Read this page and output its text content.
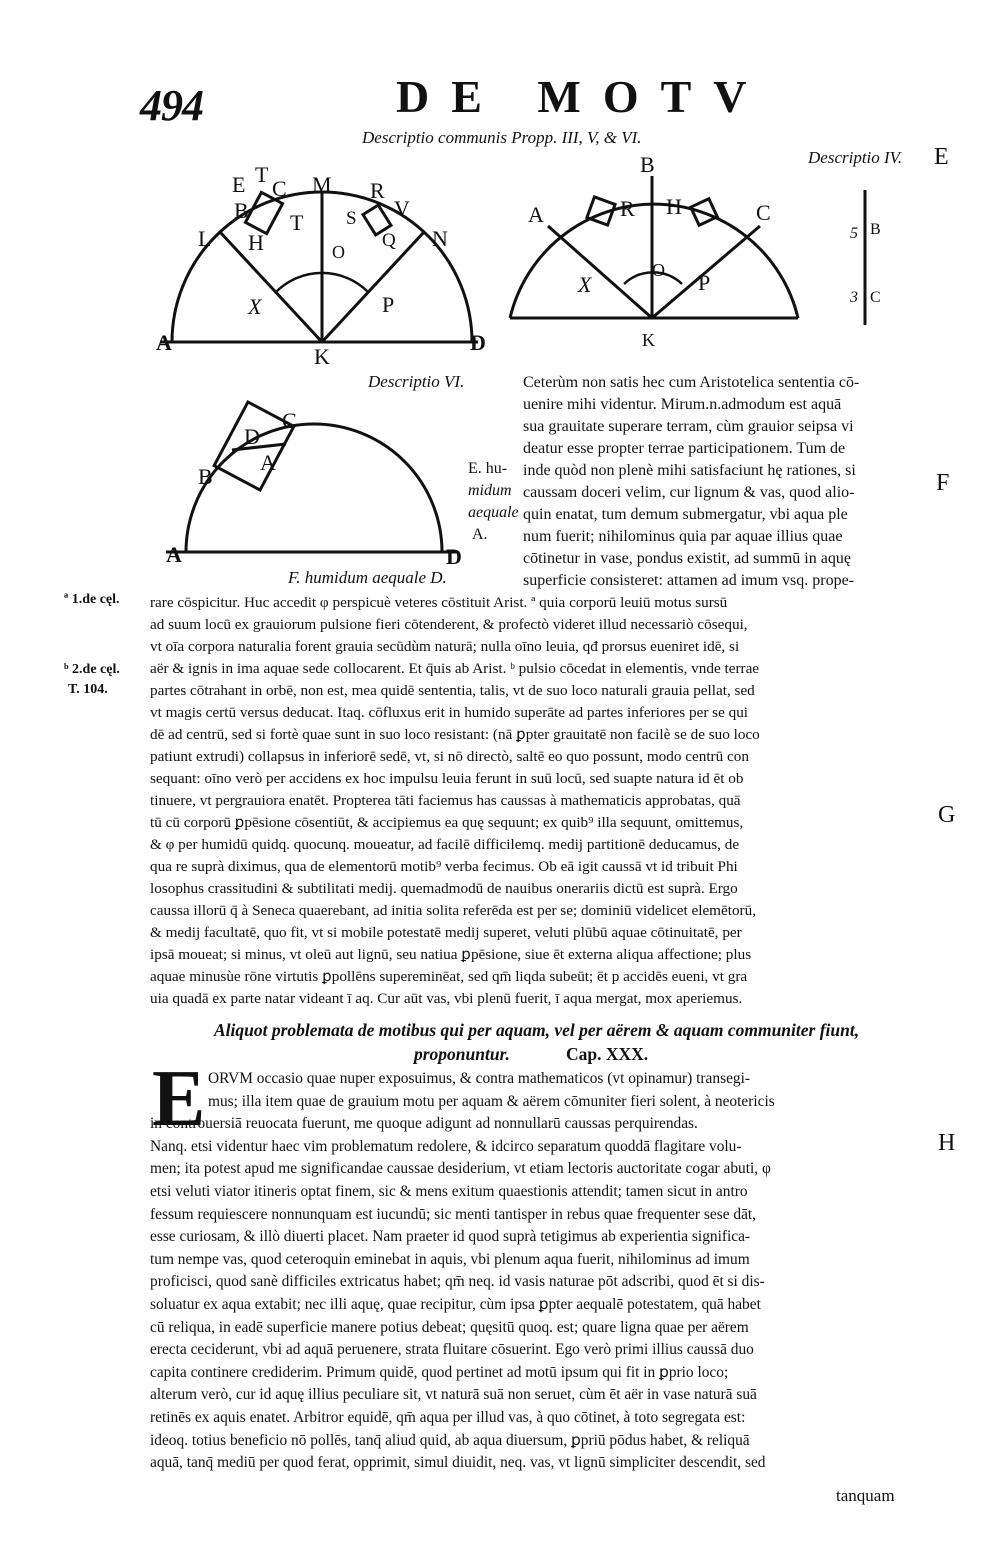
494	DE MOTV
Descriptio communis Propp. III, V, & VI.
Descriptio IV.
E T
C M R
V
B
L H
T S
Q N
O
X	P
A
K
D
B
A	R H	C
O
X	P
K
5 B
3 C
Descriptio VI.
C
D
A
B
A	D
F. humidum aequale D.
E. hu-
midum
aequale
A.
Ceterùm non satis hec cum Aristotelica sententia cō-
uenire mihi videntur. Mirum.n.admodum est aquā
sua grauitate superare terram, cùm grauior seipsa vi
deatur esse propter terrae participationem. Tum de
inde quòd non plenè mihi satisfaciunt hę rationes, si
caussam doceri velim, cur lignum & vas, quod alio-
quin enatat, tum demum submergatur, vbi aqua ple
num fuerit; nihilominus quia par aquae illius quae
cōtinetur in vase, pondus existit, ad summū in aquę
superficie consisteret: attamen ad imum vsq. prope-
ª 1.de cęl.
ᵇ 2.de cęl.
T. 104.
E
F
G
H
rare cōspicitur. Huc accedit φ perspicuè veteres cōstituit Arist. ª quia corporū leuiū motus sursū
ad suum locū ex grauiorum pulsione fieri cōtenderent, & profectò videret illud necessariò cōsequi,
vt oīa corpora naturalia forent grauia secūdùm naturā; nulla oīno leuia, qđ prorsus eueniret idē, si
aër & ignis in ima aquae sede collocarent. Et q̄uis ab Arist. ᵇ pulsio cōcedat in elementis, vnde terrae
partes cōtrahant in orbē, non est, mea quidē sententia, talis, vt de suo loco naturali grauia pellat, sed
vt magis certū versus deducat. Itaq. cōfluxus erit in humido superāte ad partes inferiores per se qui
dē ad centrū, sed si fortè quae sunt in suo loco resistant: (nā ꝑpter grauitatē non facilè se de suo loco
patiunt extrudi) collapsus in inferiorē sedē, vt, si nō directò, saltē eo quo possunt, modo centrū con
sequant: oīno verò per accidens ex hoc impulsu leuia ferunt in suū locū, sed suapte natura id ēt ob
tinuere, vt pergrauiora enatēt. Propterea tāti faciemus has caussas à mathematicis approbatas, quā
tū cū corporū ꝑpēsione cōsentiūt, & accipiemus ea quę sequunt; ex quib⁹ illa sequunt, omittemus,
& φ per humidū quidq. quocunq. moueatur, ad facilē difficilemq. medij partitionē deducamus, de
qua re suprà diximus, qua de elementorū motib⁹ verba fecimus. Ob eā igit caussā vt id tribuit Phi
losophus crassitudini & subtilitati medij. quemadmodū de nauibus onerariis dictū est suprà. Ergo
caussa illorū q̄ à Seneca quaerebant, ad initia solita referēda est per se; dominiū videlicet elemētorū,
& medij facultatē, quo fit, vt si mobile potestatē medij superet, veluti plūbū aquae cōtinuitatē, per
ipsā moueat; si minus, vt oleū aut lignū, seu natiua ꝑpēsione, siue ēt externa aliqua affectione; plus
aquae minusùe rōne virtutis ꝑpollēns supereminēat, sed qm̄ liqda subeūt; ēt p accidēs eueni, vt gra
uia quadā ex parte natar videant ī aq. Cur aūt vas, vbi plenū fuerit, ī aqua mergat, mox aperiemus.
Aliquot problemata de motibus qui per aquam, vel per aërem & aquam communiter fiunt,
proponuntur.	Cap. XXX.
E ORVM occasio quae nuper exposuimus, & contra mathematicos (vt opinamur) transegi-
mus; illa item quae de grauium motu per aquam & aërem cōmuniter fieri solent, à neotericis
in controuersiā reuocata fuerunt, me quoque adigunt ad nonnullarū caussas perquirendas.
Nanq. etsi videntur haec vim problematum redolere, & idcirco separatum quoddā flagitare volu-
men; ita potest apud me significandae caussae desiderium, vt etiam lectoris auctoritate cogar abuti, φ
etsi veluti viator itineris optat finem, sic & mens exitum quaestionis attendit; tamen sicut in antro
fessum requiescere nonnunquam est iucundū; sic menti tantisper in rebus quae frequenter sese dāt,
esse curiosam, & illò diuerti placet. Nam praeter id quod suprà tetigimus ab experientia significa-
tum nempe vas, quod ceteroquin eminebat in aquis, vbi plenum aqua fuerit, nihilominus ad imum
proficisci, quod sanè difficiles extricatus habet; qm̄ neq. id vasis naturae pōt adscribi, quod ēt si dis-
soluatur ex aqua extabit; nec illi aquę, quae recipitur, cùm ipsa ꝑpter aequalē potestatem, quā habet
cū reliqua, in eadē superficie manere potius debeat; quęsitū quoq. est; quare ligna quae per aërem
erecta ceciderunt, vbi ad aquā peruenere, strata fluitare cōsuerint. Ego verò primi illius caussā duo
capita continere crediderim. Primum quidē, quod pertinet ad motū ipsum qui fit in ꝑprio loco;
alterum verò, cur id aquę illius peculiare sit, vt naturā suā non seruet, cùm ēt aër in vase naturā suā
retinēs ex aquis enatet. Arbitror equidē, qm̄ aqua per illud vas, à quo cōtinet, à toto segregata est:
ideoq. totius beneficio nō pollēs, tanq̄ aliud quid, ab aqua diuersum, ꝑpriū pōdus habet, & reliquā
aquā, tanq̄ mediū per quod ferat, opprimit, simul diuidit, neq. vas, vt lignū simpliciter descendit, sed
tanquam
